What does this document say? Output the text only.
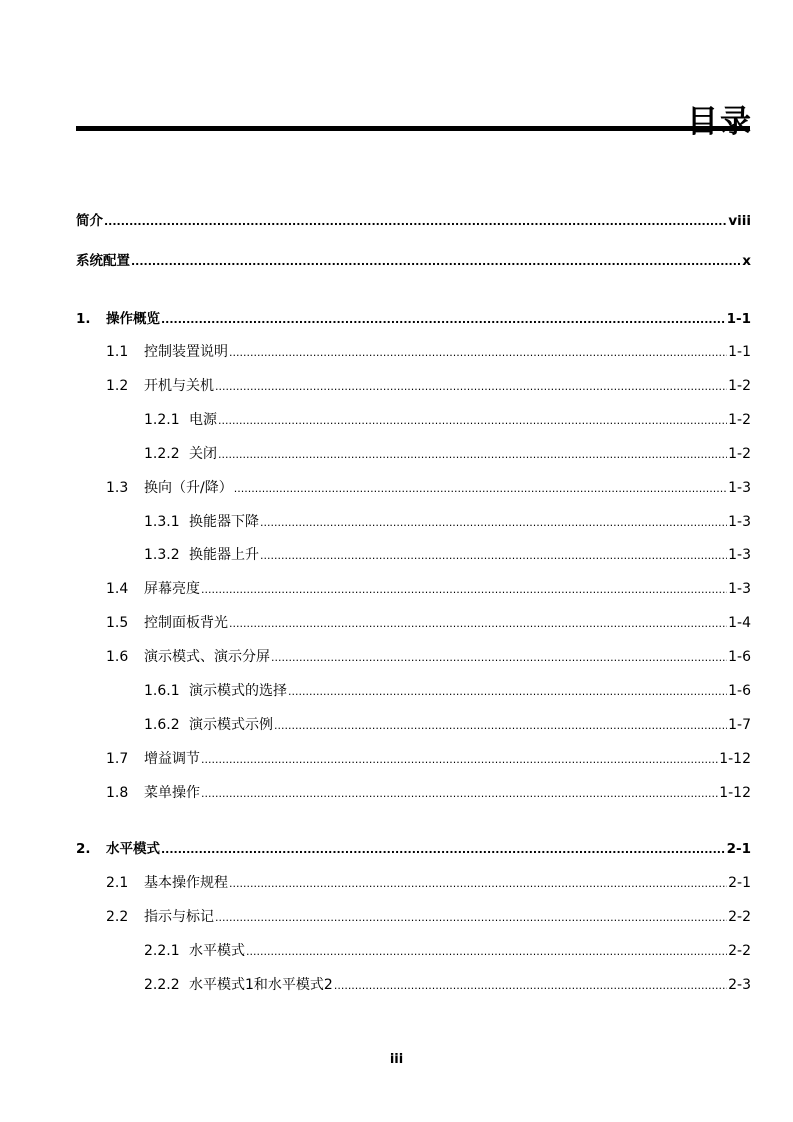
目录
简介 .....	viii
系统配置 .....	x
1.	操作概览 .....	1-1
1.1	控制装置说明 .....	1-1
1.2	开机与关机 .....	1-2
1.2.1 电源 .....	1-2
1.2.2 关闭 .....	1-2
1.3	换向（升/降） .....	1-3
1.3.1 换能器下降 .....	1-3
1.3.2 换能器上升 .....	1-3
1.4	屏幕亮度 .....	1-3
1.5	控制面板背光 .....	1-4
1.6	演示模式、演示分屏 .....	1-6
1.6.1 演示模式的选择 .....	1-6
1.6.2 演示模式示例 .....	1-7
1.7	增益调节 .....	1-12
1.8	菜单操作 .....	1-12
2.	水平模式 .....	2-1
2.1	基本操作规程 .....	2-1
2.2	指示与标记 .....	2-2
2.2.1 水平模式 .....	2-2
2.2.2 水平模式1和水平模式2 .....	2-3
iii
